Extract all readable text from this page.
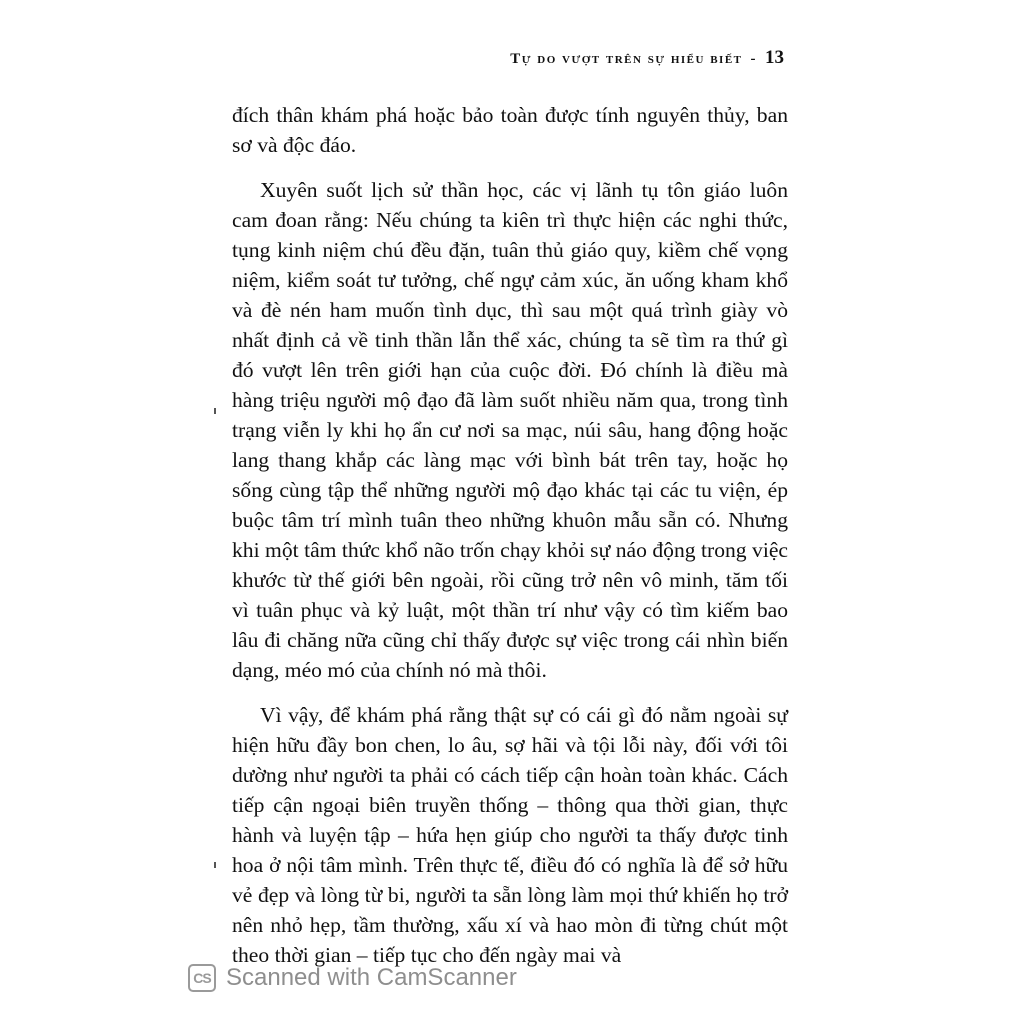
Tự do vượt trên sự hiểu biết - 13

đích thân khám phá hoặc bảo toàn được tính nguyên thủy, ban sơ và độc đáo.

Xuyên suốt lịch sử thần học, các vị lãnh tụ tôn giáo luôn cam đoan rằng: Nếu chúng ta kiên trì thực hiện các nghi thức, tụng kinh niệm chú đều đặn, tuân thủ giáo quy, kiềm chế vọng niệm, kiểm soát tư tưởng, chế ngự cảm xúc, ăn uống kham khổ và đè nén ham muốn tình dục, thì sau một quá trình giày vò nhất định cả về tinh thần lẫn thể xác, chúng ta sẽ tìm ra thứ gì đó vượt lên trên giới hạn của cuộc đời. Đó chính là điều mà hàng triệu người mộ đạo đã làm suốt nhiều năm qua, trong tình trạng viễn ly khi họ ẩn cư nơi sa mạc, núi sâu, hang động hoặc lang thang khắp các làng mạc với bình bát trên tay, hoặc họ sống cùng tập thể những người mộ đạo khác tại các tu viện, ép buộc tâm trí mình tuân theo những khuôn mẫu sẵn có. Nhưng khi một tâm thức khổ não trốn chạy khỏi sự náo động trong việc khước từ thế giới bên ngoài, rồi cũng trở nên vô minh, tăm tối vì tuân phục và kỷ luật, một thần trí như vậy có tìm kiếm bao lâu đi chăng nữa cũng chỉ thấy được sự việc trong cái nhìn biến dạng, méo mó của chính nó mà thôi.

Vì vậy, để khám phá rằng thật sự có cái gì đó nằm ngoài sự hiện hữu đầy bon chen, lo âu, sợ hãi và tội lỗi này, đối với tôi dường như người ta phải có cách tiếp cận hoàn toàn khác. Cách tiếp cận ngoại biên truyền thống – thông qua thời gian, thực hành và luyện tập – hứa hẹn giúp cho người ta thấy được tinh hoa ở nội tâm mình. Trên thực tế, điều đó có nghĩa là để sở hữu vẻ đẹp và lòng từ bi, người ta sẵn lòng làm mọi thứ khiến họ trở nên nhỏ hẹp, tầm thường, xấu xí và hao mòn đi từng chút một theo thời gian – tiếp tục cho đến ngày mai và

CS Scanned with CamScanner
